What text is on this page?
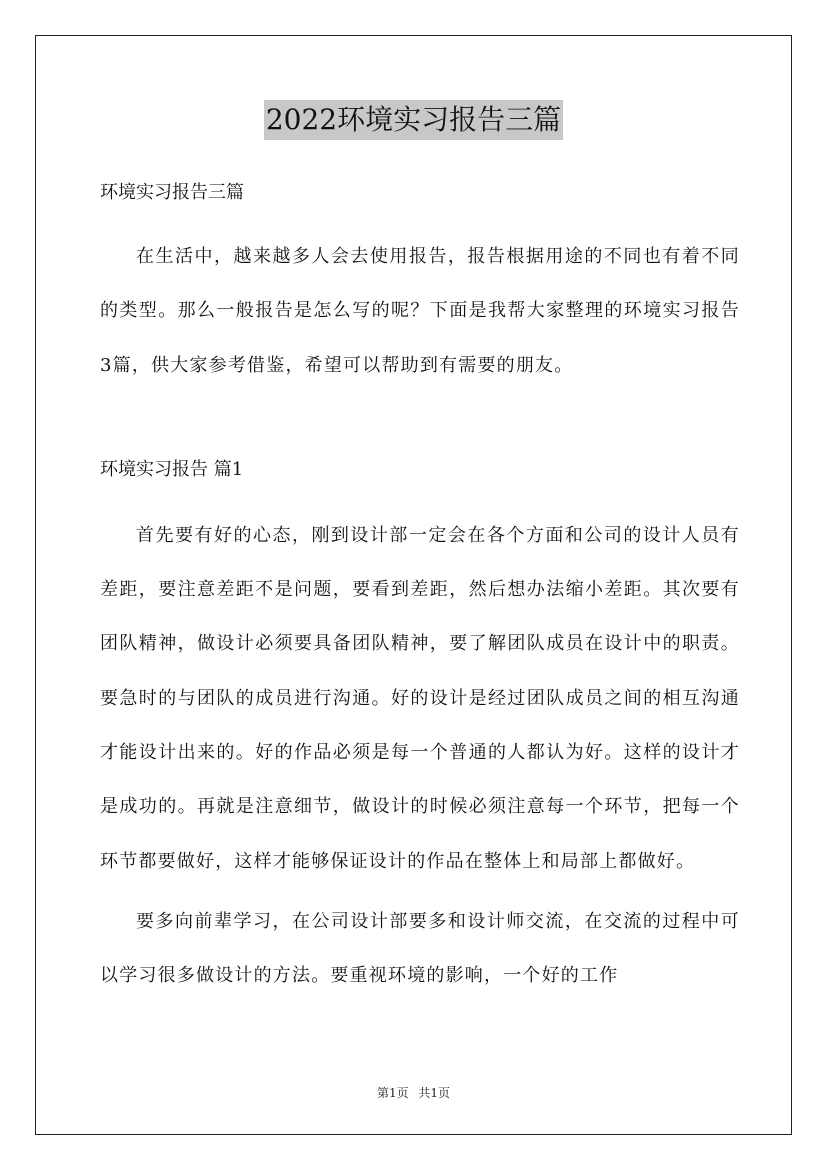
2022环境实习报告三篇

环境实习报告三篇

在生活中，越来越多人会去使用报告，报告根据用途的不同也有着不同的类型。那么一般报告是怎么写的呢？下面是我帮大家整理的环境实习报告3篇，供大家参考借鉴，希望可以帮助到有需要的朋友。

环境实习报告 篇1

首先要有好的心态，刚到设计部一定会在各个方面和公司的设计人员有差距，要注意差距不是问题，要看到差距，然后想办法缩小差距。其次要有团队精神，做设计必须要具备团队精神，要了解团队成员在设计中的职责。要急时的与团队的成员进行沟通。好的设计是经过团队成员之间的相互沟通才能设计出来的。好的作品必须是每一个普通的人都认为好。这样的设计才是成功的。再就是注意细节，做设计的时候必须注意每一个环节，把每一个环节都要做好，这样才能够保证设计的作品在整体上和局部上都做好。

要多向前辈学习，在公司设计部要多和设计师交流，在交流的过程中可以学习很多做设计的方法。要重视环境的影响，一个好的工作

第1页 共1页
